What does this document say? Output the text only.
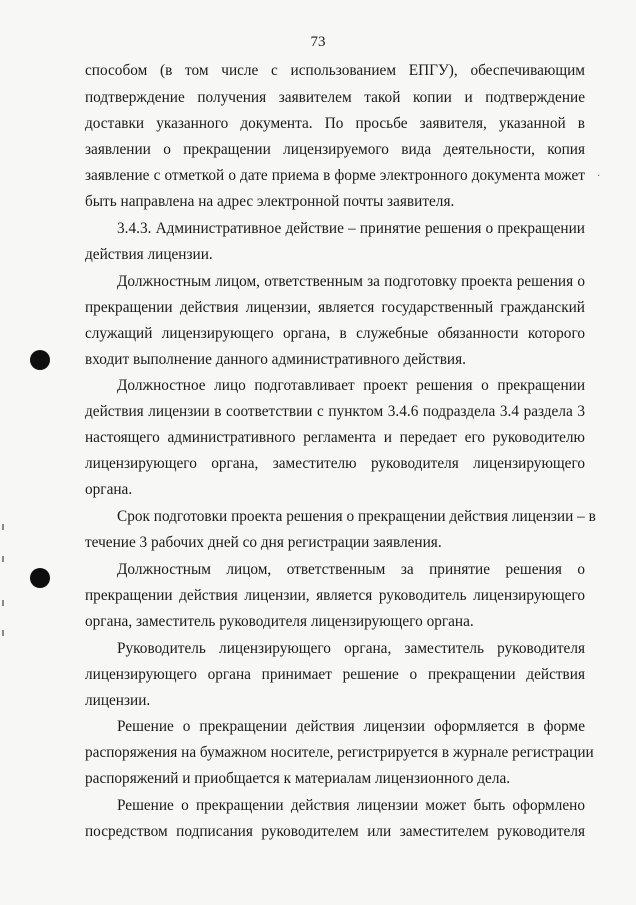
73
способом (в том числе с использованием ЕПГУ), обеспечивающим
подтверждение получения заявителем такой копии и подтверждение
доставки указанного документа. По просьбе заявителя, указанной в
заявлении о прекращении лицензируемого вида деятельности, копия
заявление с отметкой о дате приема в форме электронного документа может
быть направлена на адрес электронной почты заявителя.
3.4.3. Административное действие – принятие решения о прекращении
действия лицензии.
Должностным лицом, ответственным за подготовку проекта решения о
прекращении действия лицензии, является государственный гражданский
служащий лицензирующего органа, в служебные обязанности которого
входит выполнение данного административного действия.
Должностное лицо подготавливает проект решения о прекращении
действия лицензии в соответствии с пунктом 3.4.6 подраздела 3.4 раздела 3
настоящего административного регламента и передает его руководителю
лицензирующего органа, заместителю руководителя лицензирующего
органа.
Срок подготовки проекта решения о прекращении действия лицензии – в
течение 3 рабочих дней со дня регистрации заявления.
Должностным лицом, ответственным за принятие решения о
прекращении действия лицензии, является руководитель лицензирующего
органа, заместитель руководителя лицензирующего органа.
Руководитель лицензирующего органа, заместитель руководителя
лицензирующего органа принимает решение о прекращении действия
лицензии.
Решение о прекращении действия лицензии оформляется в форме
распоряжения на бумажном носителе, регистрируется в журнале регистрации
распоряжений и приобщается к материалам лицензионного дела.
Решение о прекращении действия лицензии может быть оформлено
посредством подписания руководителем или заместителем руководителя
·
